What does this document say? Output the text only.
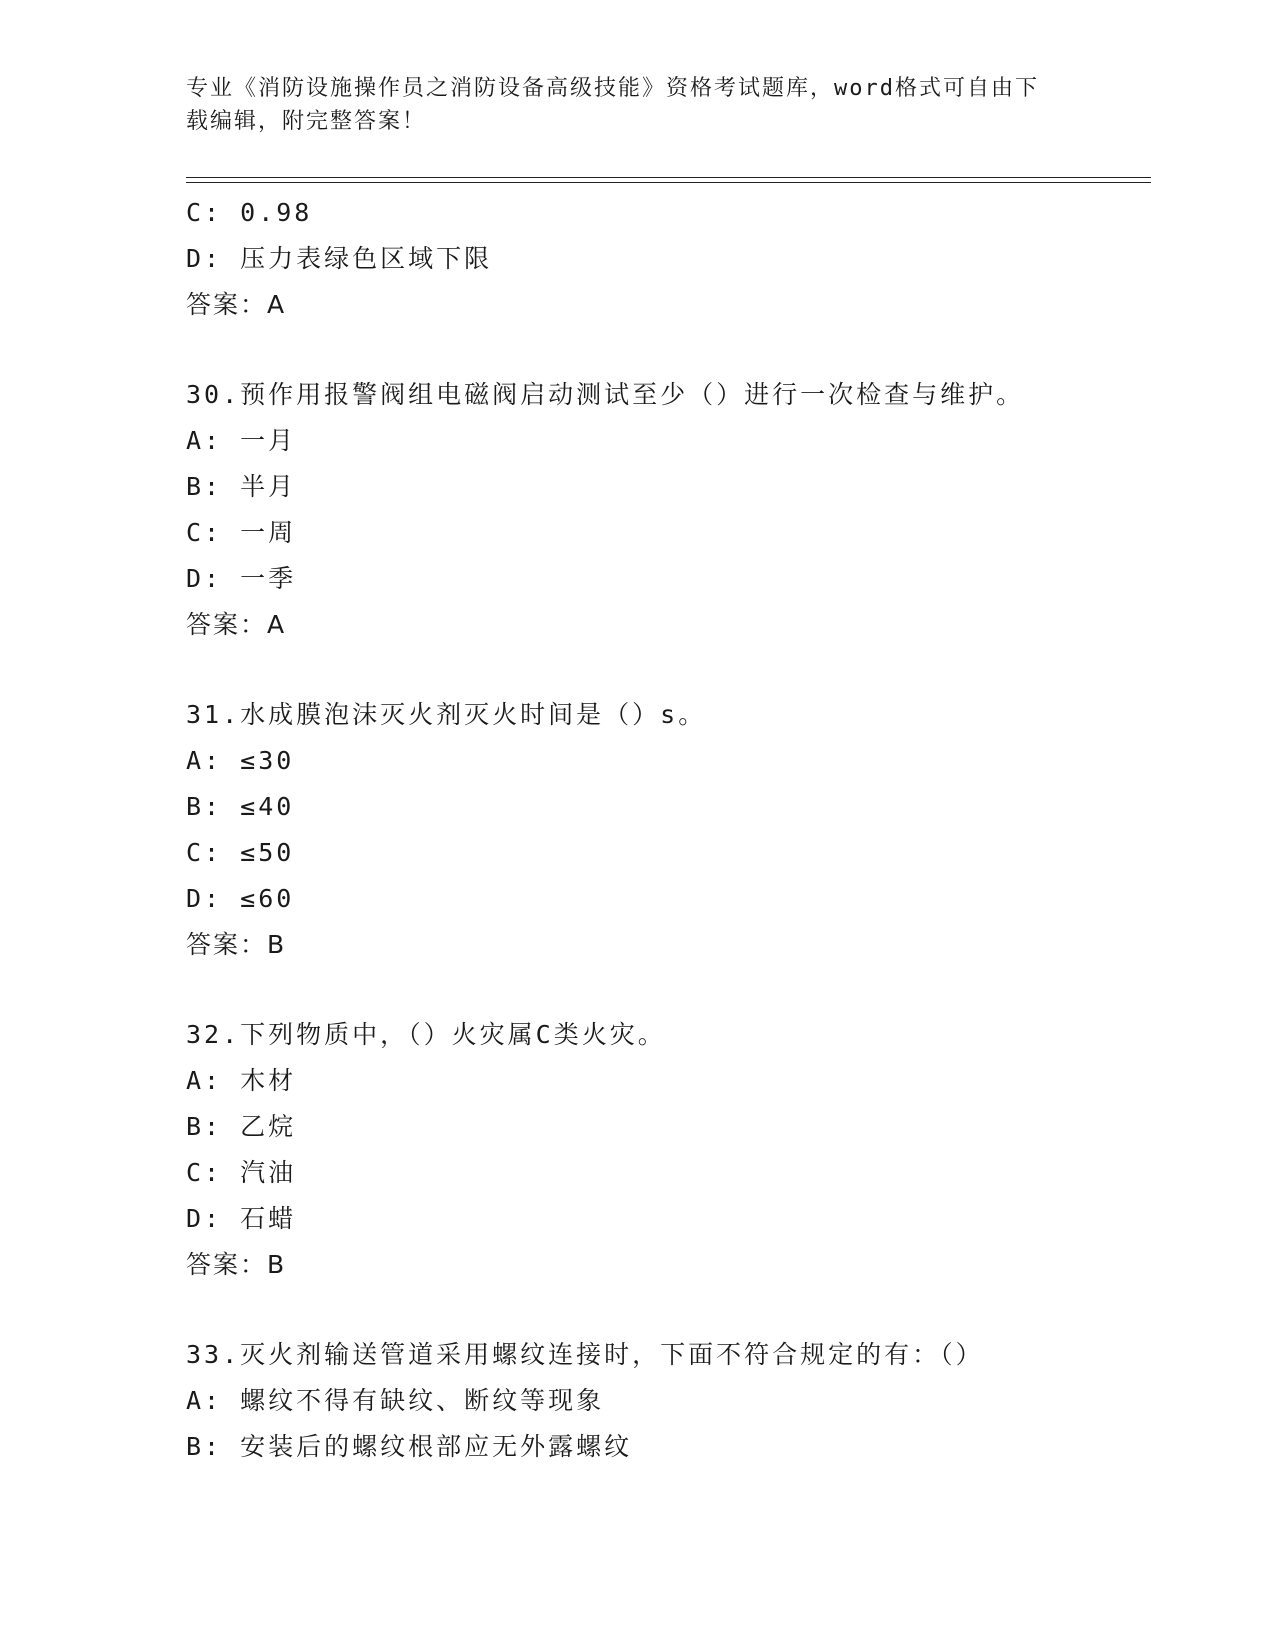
专业《消防设施操作员之消防设备高级技能》资格考试题库，word格式可自由下
载编辑，附完整答案！
C: 0.98
D: 压力表绿色区域下限
答案：A
30.预作用报警阀组电磁阀启动测试至少（）进行一次检查与维护。
A: 一月
B: 半月
C: 一周
D: 一季
答案：A
31.水成膜泡沫灭火剂灭火时间是（）s。
A: ≤30
B: ≤40
C: ≤50
D: ≤60
答案：B
32.下列物质中，（）火灾属C类火灾。
A: 木材
B: 乙烷
C: 汽油
D: 石蜡
答案：B
33.灭火剂输送管道采用螺纹连接时，下面不符合规定的有：（）
A: 螺纹不得有缺纹、断纹等现象
B: 安装后的螺纹根部应无外露螺纹
